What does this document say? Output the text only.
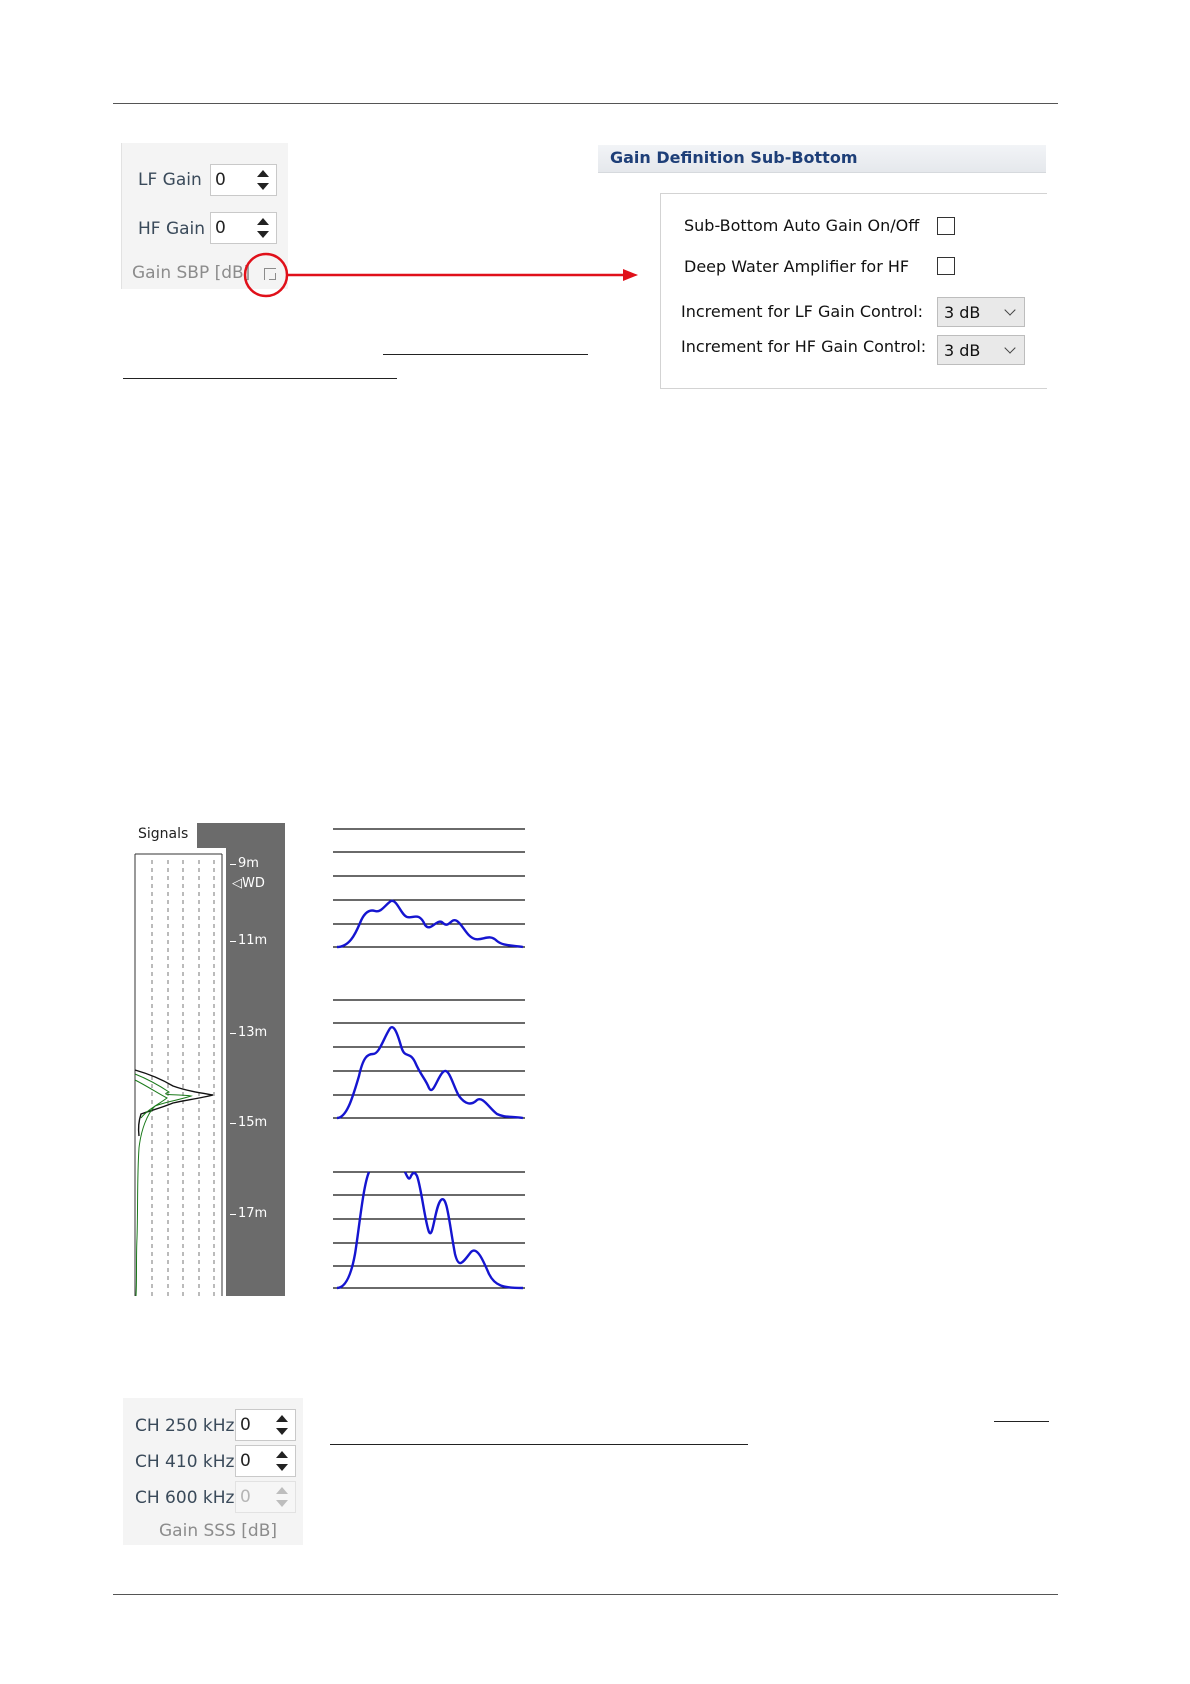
LF Gain 0
HF Gain 0
Gain SBP [dB]
Gain Definition Sub-Bottom
Sub-Bottom Auto Gain On/Off
Deep Water Amplifier for HF
Increment for LF Gain Control: 3 dB
Increment for HF Gain Control: 3 dB
Signals
9m
◁WD
11m
13m
15m
17m
CH 250 kHz 0
CH 410 kHz 0
CH 600 kHz 0
Gain SSS [dB]
